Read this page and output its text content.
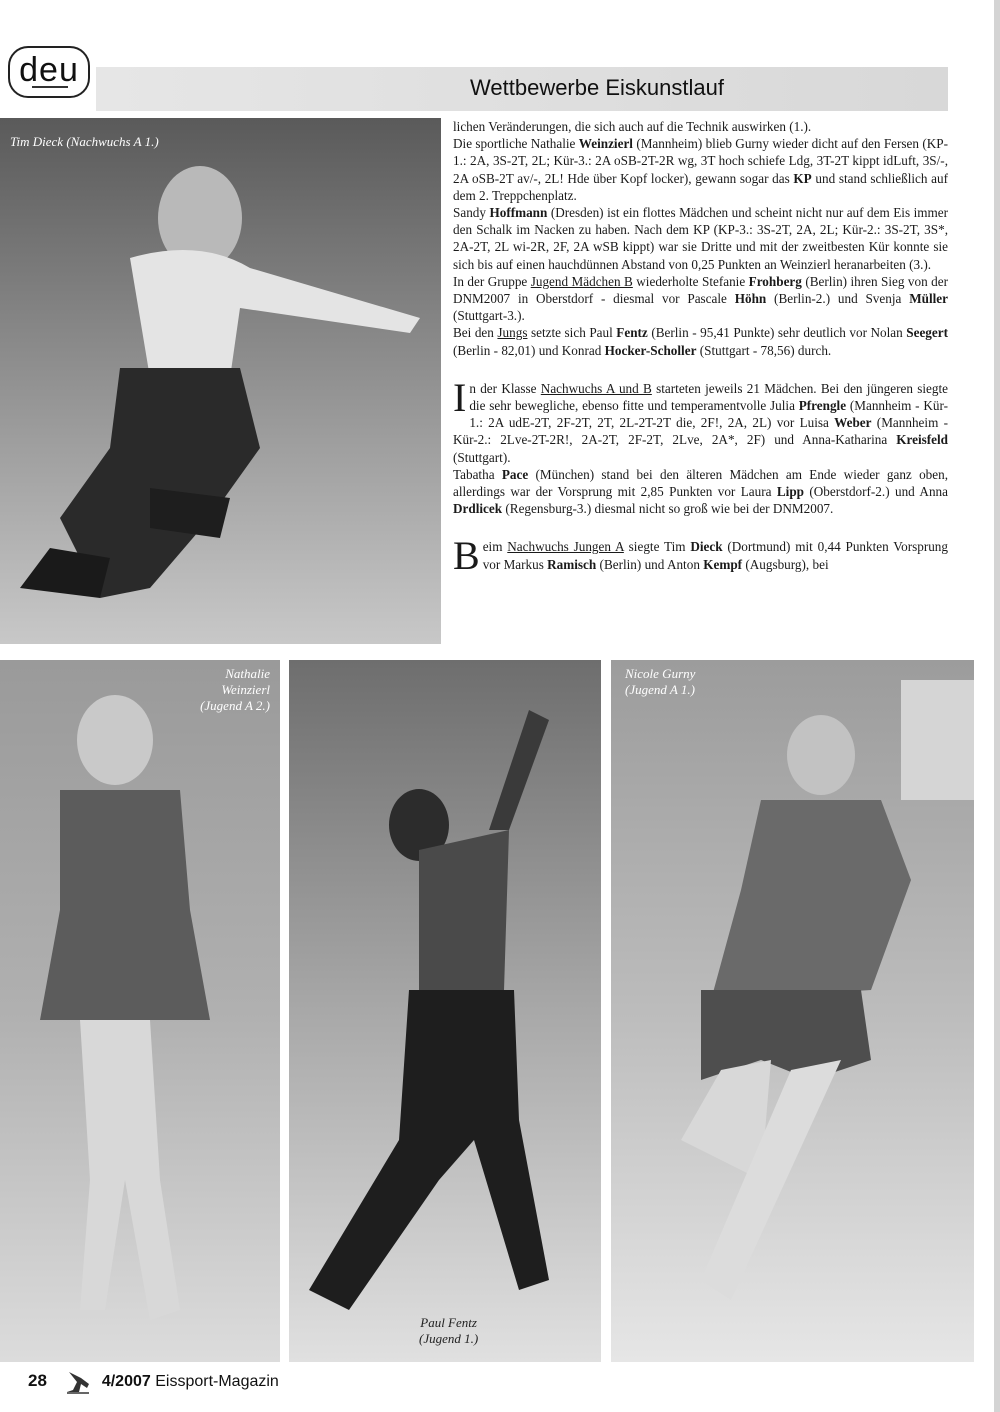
deu	Wettbewerbe Eiskunstlauf
Tim Dieck (Nachwuchs A 1.)

lichen Veränderungen, die sich auch auf die Technik auswirken (1.).

Die sportliche Nathalie Weinzierl (Mannheim) blieb Gurny wieder dicht auf den Fersen (KP-1.: 2A, 3S-2T, 2L; Kür-3.: 2A oSB-2T-2R wg, 3T hoch schiefe Ldg, 3T-2T kippt idLuft, 3S/-, 2A oSB-2T av/-, 2L! Hde über Kopf locker), gewann sogar das KP und stand schließlich auf dem 2. Treppchenplatz.

Sandy Hoffmann (Dresden) ist ein flottes Mädchen und scheint nicht nur auf dem Eis immer den Schalk im Nacken zu haben. Nach dem KP (KP-3.: 3S-2T, 2A, 2L; Kür-2.: 3S-2T, 3S*, 2A-2T, 2L wi-2R, 2F, 2A wSB kippt) war sie Dritte und mit der zweitbesten Kür konnte sie sich bis auf einen hauchdünnen Abstand von 0,25 Punkten an Weinzierl heranarbeiten (3.).

In der Gruppe Jugend Mädchen B wiederholte Stefanie Frohberg (Berlin) ihren Sieg von der DNM2007 in Oberstdorf - diesmal vor Pascale Höhn (Berlin-2.) und Svenja Müller (Stuttgart-3.).

Bei den Jungs setzte sich Paul Fentz (Berlin - 95,41 Punkte) sehr deutlich vor Nolan Seegert (Berlin - 82,01) und Konrad Hocker-Scholler (Stuttgart - 78,56) durch.

In der Klasse Nachwuchs A und B starteten jeweils 21 Mädchen. Bei den jüngeren siegte die sehr bewegliche, ebenso fitte und temperamentvolle Julia Pfrengle (Mannheim - Kür-1.: 2A udE-2T, 2F-2T, 2T, 2L-2T-2T die, 2F!, 2A, 2L) vor Luisa Weber (Mannheim - Kür-2.: 2Lve-2T-2R!, 2A-2T, 2F-2T, 2Lve, 2A*, 2F) und Anna-Katharina Kreisfeld (Stuttgart).

Tabatha Pace (München) stand bei den älteren Mädchen am Ende wieder ganz oben, allerdings war der Vorsprung mit 2,85 Punkten vor Laura Lipp (Oberstdorf-2.) und Anna Drdlicek (Regensburg-3.) diesmal nicht so groß wie bei der DNM2007.

Beim Nachwuchs Jungen A siegte Tim Dieck (Dortmund) mit 0,44 Punkten Vorsprung vor Markus Ramisch (Berlin) und Anton Kempf (Augsburg), bei

Nathalie
Weinzierl
(Jugend A 2.)
Paul Fentz
(Jugend 1.)
Nicole Gurny
(Jugend A 1.)
28	4/2007 Eissport-Magazin
